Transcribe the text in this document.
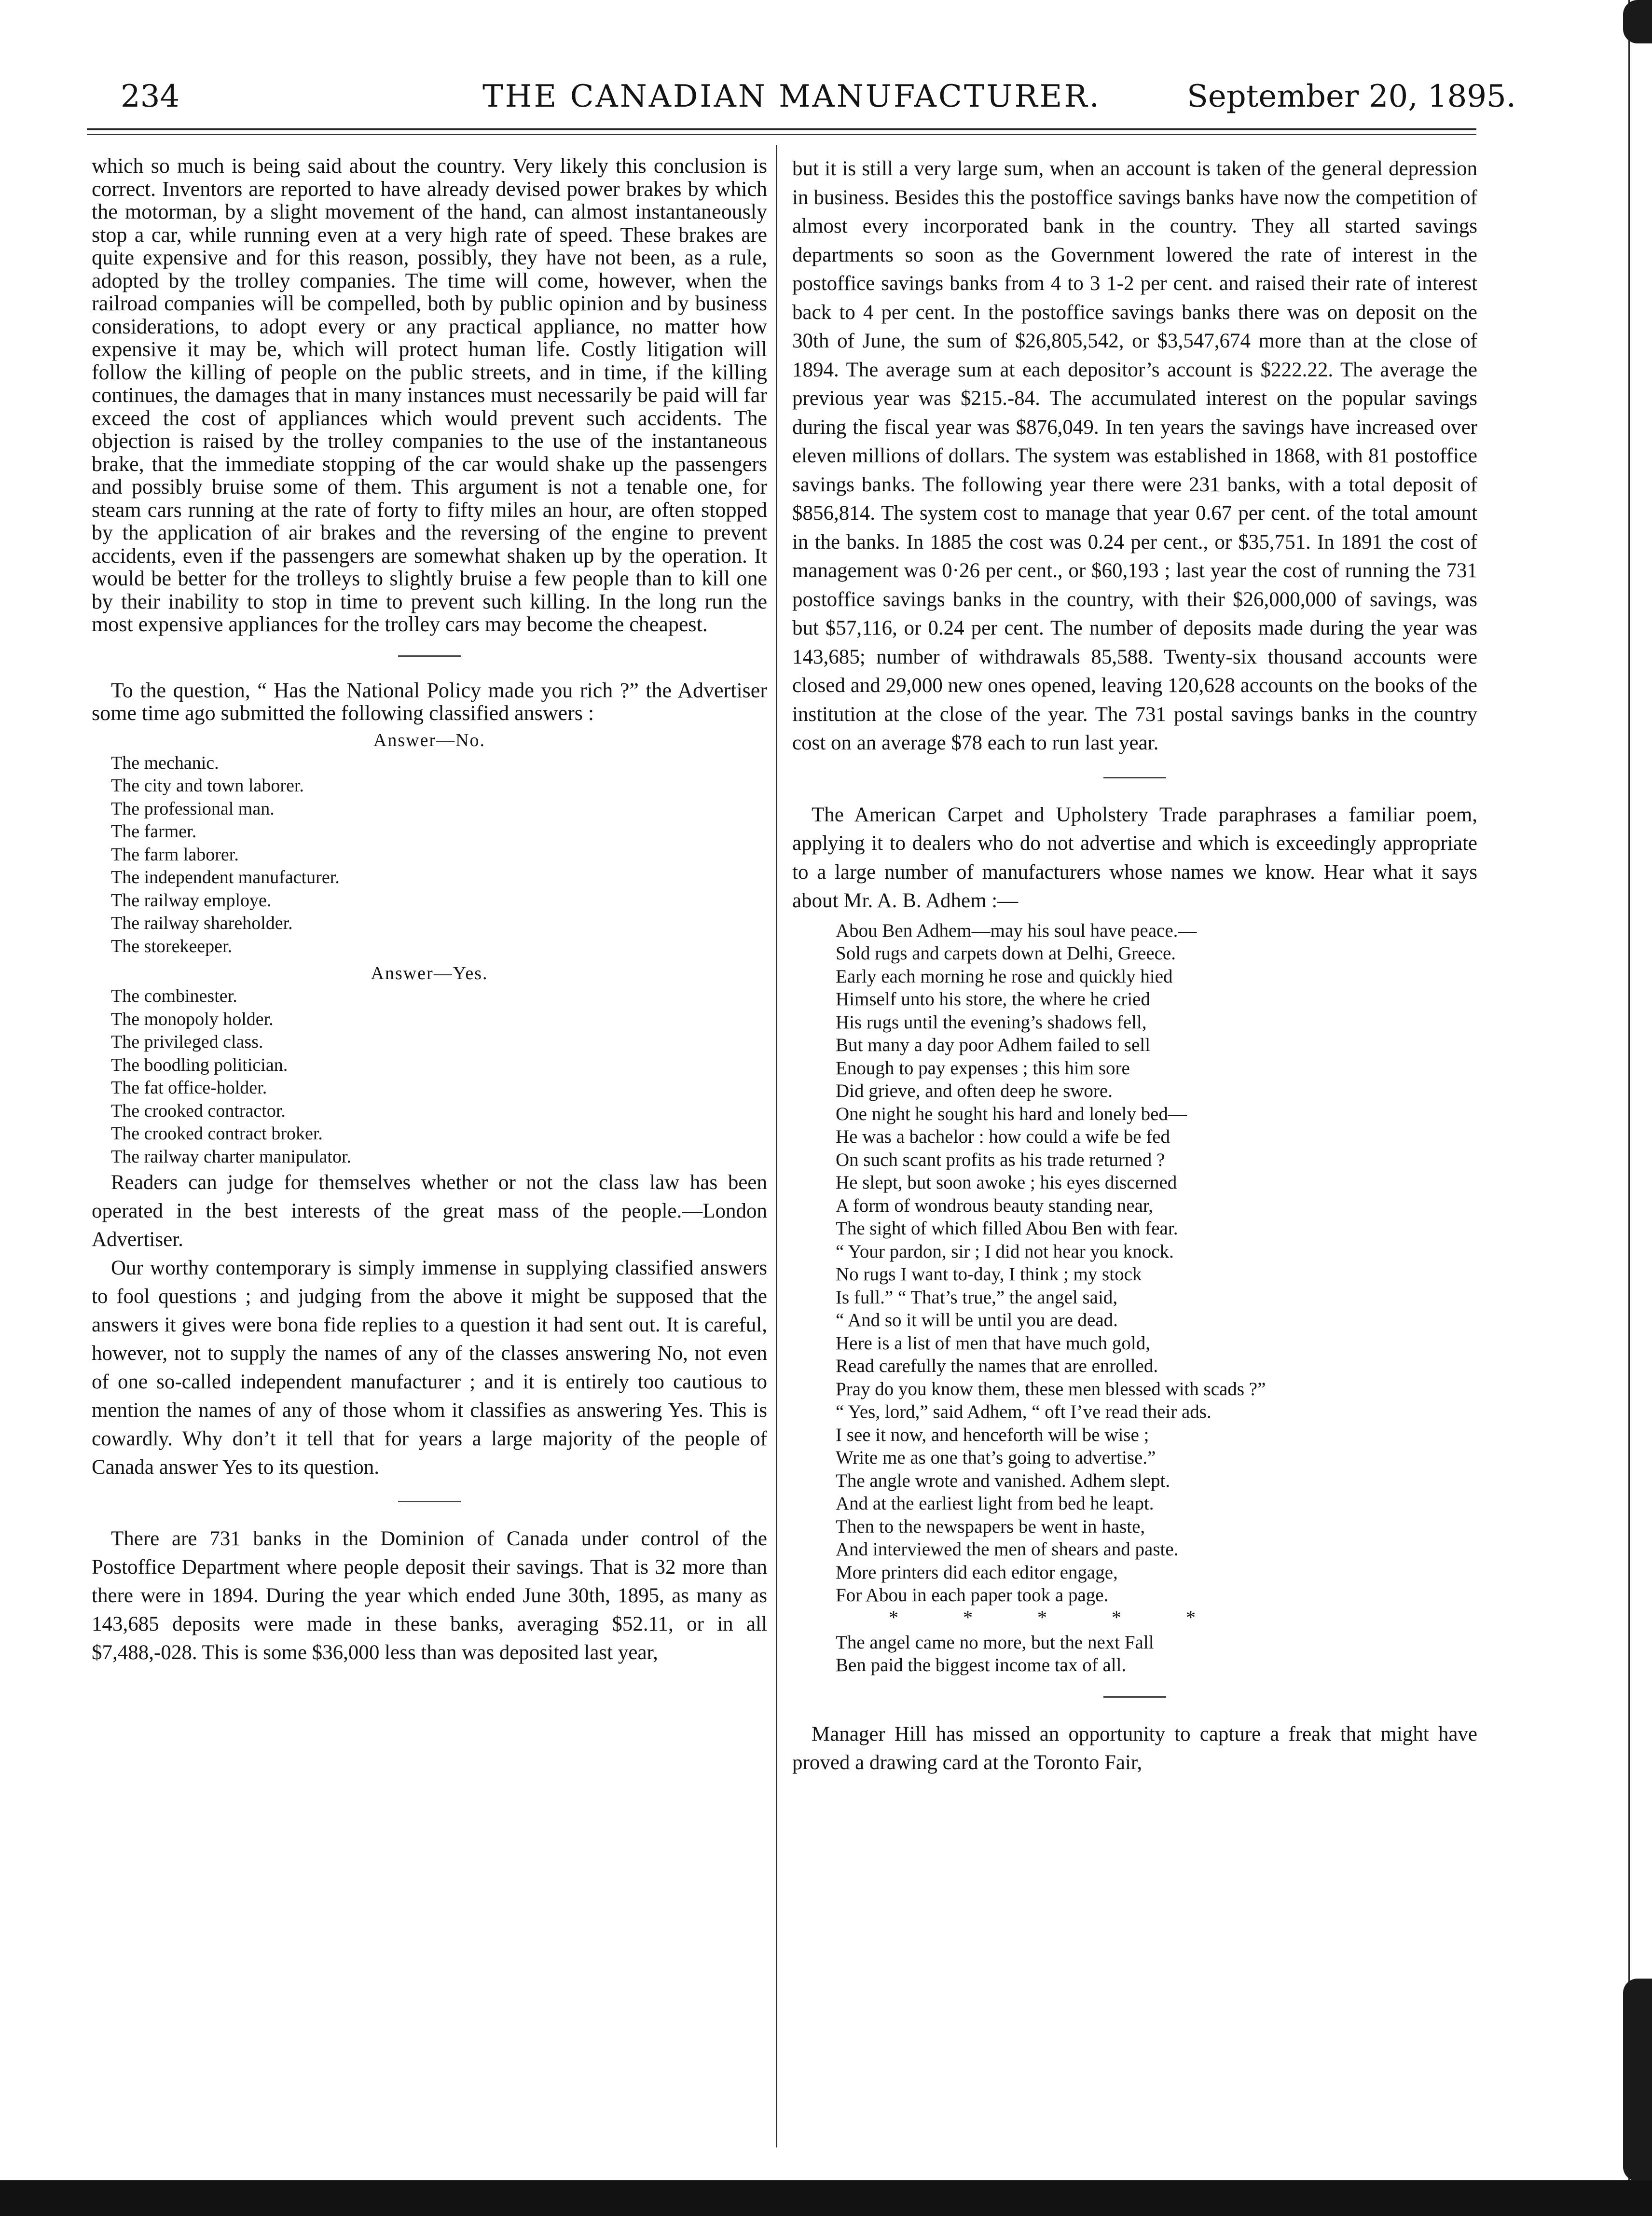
234	THE CANADIAN MANUFACTURER.	September 20, 1895.

which so much is being said about the country. Very likely this conclusion is correct. Inventors are reported to have already devised power brakes by which the motorman, by a slight movement of the hand, can almost instantaneously stop a car, while running even at a very high rate of speed. These brakes are quite expensive and for this reason, possibly, they have not been, as a rule, adopted by the trolley companies. The time will come, however, when the railroad companies will be compelled, both by public opinion and by business considerations, to adopt every or any practical appliance, no matter how expensive it may be, which will protect human life. Costly litigation will follow the killing of people on the public streets, and in time, if the killing continues, the damages that in many instances must necessarily be paid will far exceed the cost of appliances which would prevent such accidents. The objection is raised by the trolley companies to the use of the instantaneous brake, that the immediate stopping of the car would shake up the passengers and possibly bruise some of them. This argument is not a tenable one, for steam cars running at the rate of forty to fifty miles an hour, are often stopped by the application of air brakes and the reversing of the engine to prevent accidents, even if the passengers are somewhat shaken up by the operation. It would be better for the trolleys to slightly bruise a few people than to kill one by their inability to stop in time to prevent such killing. In the long run the most expensive appliances for the trolley cars may become the cheapest.

To the question, “ Has the National Policy made you rich ?” the Advertiser some time ago submitted the following classified answers :

Answer—No.
The mechanic.
The city and town laborer.
The professional man.
The farmer.
The farm laborer.
The independent manufacturer.
The railway employe.
The railway shareholder.
The storekeeper.
Answer—Yes.
The combinester.
The monopoly holder.
The privileged class.
The boodling politician.
The fat office-holder.
The crooked contractor.
The crooked contract broker.
The railway charter manipulator.

Readers can judge for themselves whether or not the class law has been operated in the best interests of the great mass of the people.—London Advertiser.

Our worthy contemporary is simply immense in supplying classified answers to fool questions ; and judging from the above it might be supposed that the answers it gives were bona fide replies to a question it had sent out. It is careful, however, not to supply the names of any of the classes answering No, not even of one so-called independent manufacturer ; and it is entirely too cautious to mention the names of any of those whom it classifies as answering Yes. This is cowardly. Why don’t it tell that for years a large majority of the people of Canada answer Yes to its question.

There are 731 banks in the Dominion of Canada under control of the Postoffice Department where people deposit their savings. That is 32 more than there were in 1894. During the year which ended June 30th, 1895, as many as 143,685 deposits were made in these banks, averaging $52.11, or in all $7,488,-028. This is some $36,000 less than was deposited last year,

but it is still a very large sum, when an account is taken of the general depression in business. Besides this the postoffice savings banks have now the competition of almost every incorporated bank in the country. They all started savings departments so soon as the Government lowered the rate of interest in the postoffice savings banks from 4 to 3 1-2 per cent. and raised their rate of interest back to 4 per cent. In the postoffice savings banks there was on deposit on the 30th of June, the sum of $26,805,542, or $3,547,674 more than at the close of 1894. The average sum at each depositor’s account is $222.22. The average the previous year was $215.-84. The accumulated interest on the popular savings during the fiscal year was $876,049. In ten years the savings have increased over eleven millions of dollars. The system was established in 1868, with 81 postoffice savings banks. The following year there were 231 banks, with a total deposit of $856,814. The system cost to manage that year 0.67 per cent. of the total amount in the banks. In 1885 the cost was 0.24 per cent., or $35,751. In 1891 the cost of management was 0·26 per cent., or $60,193 ; last year the cost of running the 731 postoffice savings banks in the country, with their $26,000,000 of savings, was but $57,116, or 0.24 per cent. The number of deposits made during the year was 143,685; number of withdrawals 85,588. Twenty-six thousand accounts were closed and 29,000 new ones opened, leaving 120,628 accounts on the books of the institution at the close of the year. The 731 postal savings banks in the country cost on an average $78 each to run last year.

The American Carpet and Upholstery Trade paraphrases a familiar poem, applying it to dealers who do not advertise and which is exceedingly appropriate to a large number of manufacturers whose names we know. Hear what it says about Mr. A. B. Adhem :—

Abou Ben Adhem—may his soul have peace.—
Sold rugs and carpets down at Delhi, Greece.
Early each morning he rose and quickly hied
Himself unto his store, the where he cried
His rugs until the evening’s shadows fell,
But many a day poor Adhem failed to sell
Enough to pay expenses ; this him sore
Did grieve, and often deep he swore.
One night he sought his hard and lonely bed—
He was a bachelor : how could a wife be fed
On such scant profits as his trade returned ?
He slept, but soon awoke ; his eyes discerned
A form of wondrous beauty standing near,
The sight of which filled Abou Ben with fear.
“ Your pardon, sir ; I did not hear you knock.
No rugs I want to-day, I think ; my stock
Is full.” “ That’s true,” the angel said,
“ And so it will be until you are dead.
Here is a list of men that have much gold,
Read carefully the names that are enrolled.
Pray do you know them, these men blessed with scads ?”
“ Yes, lord,” said Adhem, “ oft I’ve read their ads.
I see it now, and henceforth will be wise ;
Write me as one that’s going to advertise.”
The angle wrote and vanished. Adhem slept.
And at the earliest light from bed he leapt.
Then to the newspapers be went in haste,
And interviewed the men of shears and paste.
More printers did each editor engage,
For Abou in each paper took a page.
* * * * *
The angel came no more, but the next Fall
Ben paid the biggest income tax of all.

Manager Hill has missed an opportunity to capture a freak that might have proved a drawing card at the Toronto Fair,
